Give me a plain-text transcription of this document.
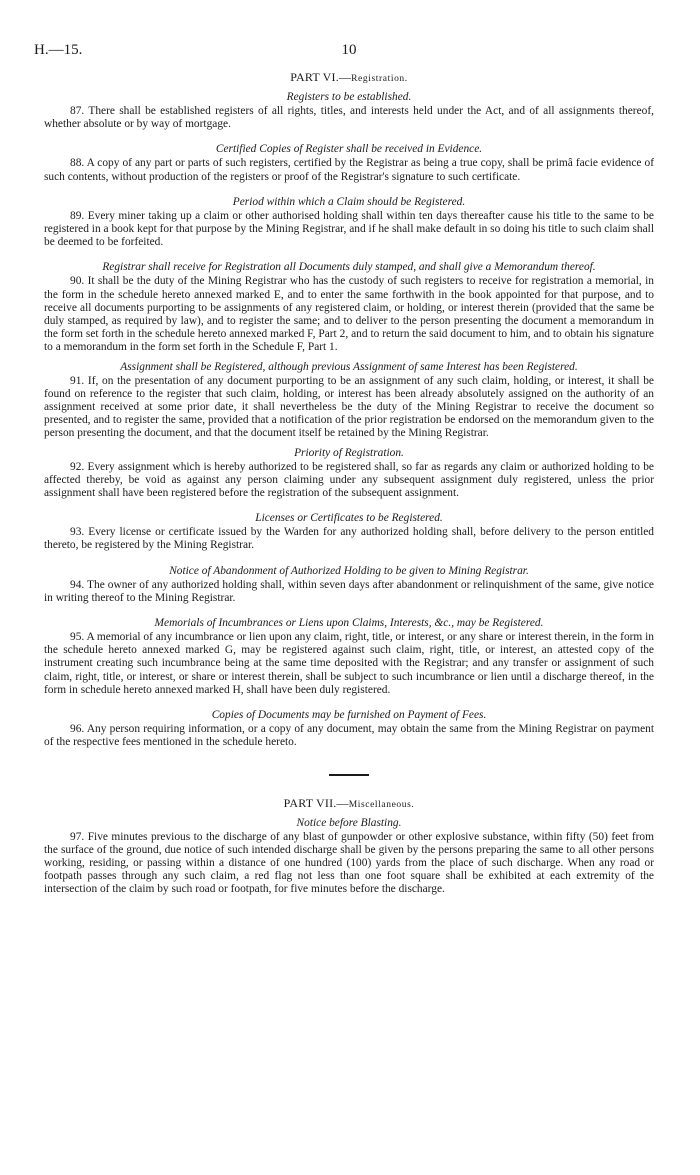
H.—15.	10
PART VI.—Registration.
Registers to be established.

87. There shall be established registers of all rights, titles, and interests held under the Act, and of all assignments thereof, whether absolute or by way of mortgage.

Certified Copies of Register shall be received in Evidence.

88. A copy of any part or parts of such registers, certified by the Registrar as being a true copy, shall be primâ facie evidence of such contents, without production of the registers or proof of the Registrar's signature to such certificate.

Period within which a Claim should be Registered.

89. Every miner taking up a claim or other authorised holding shall within ten days thereafter cause his title to the same to be registered in a book kept for that purpose by the Mining Registrar, and if he shall make default in so doing his title to such claim shall be deemed to be forfeited.

Registrar shall receive for Registration all Documents duly stamped, and shall give a Memorandum thereof.

90. It shall be the duty of the Mining Registrar who has the custody of such registers to receive for registration a memorial, in the form in the schedule hereto annexed marked E, and to enter the same forthwith in the book appointed for that purpose, and to receive all documents purporting to be assignments of any registered claim, or holding, or interest therein (provided that the same be duly stamped, as required by law), and to register the same; and to deliver to the person presenting the document a memorandum in the form set forth in the schedule hereto annexed marked F, Part 2, and to return the said document to him, and to obtain his signature to a memorandum in the form set forth in the Schedule F, Part 1.

Assignment shall be Registered, although previous Assignment of same Interest has been Registered.

91. If, on the presentation of any document purporting to be an assignment of any such claim, holding, or interest, it shall be found on reference to the register that such claim, holding, or interest has been already absolutely assigned on the authority of an assignment received at some prior date, it shall nevertheless be the duty of the Mining Registrar to receive the document so presented, and to register the same, provided that a notification of the prior registration be endorsed on the memorandum given to the person presenting the document, and that the document itself be retained by the Mining Registrar.

Priority of Registration.

92. Every assignment which is hereby authorized to be registered shall, so far as regards any claim or authorized holding to be affected thereby, be void as against any person claiming under any subsequent assignment duly registered, unless the prior assignment shall have been registered before the registration of the subsequent assignment.

Licenses or Certificates to be Registered.

93. Every license or certificate issued by the Warden for any authorized holding shall, before delivery to the person entitled thereto, be registered by the Mining Registrar.

Notice of Abandonment of Authorized Holding to be given to Mining Registrar.

94. The owner of any authorized holding shall, within seven days after abandonment or relinquishment of the same, give notice in writing thereof to the Mining Registrar.

Memorials of Incumbrances or Liens upon Claims, Interests, &c., may be Registered.

95. A memorial of any incumbrance or lien upon any claim, right, title, or interest, or any share or interest therein, in the form in the schedule hereto annexed marked G, may be registered against such claim, right, title, or interest, an attested copy of the instrument creating such incumbrance being at the same time deposited with the Registrar; and any transfer or assignment of such claim, right, title, or interest, or share or interest therein, shall be subject to such incumbrance or lien until a discharge thereof, in the form in schedule hereto annexed marked H, shall have been duly registered.

Copies of Documents may be furnished on Payment of Fees.

96. Any person requiring information, or a copy of any document, may obtain the same from the Mining Registrar on payment of the respective fees mentioned in the schedule hereto.

PART VII.—Miscellaneous.
Notice before Blasting.

97. Five minutes previous to the discharge of any blast of gunpowder or other explosive substance, within fifty (50) feet from the surface of the ground, due notice of such intended discharge shall be given by the persons preparing the same to all other persons working, residing, or passing within a distance of one hundred (100) yards from the place of such discharge. When any road or footpath passes through any such claim, a red flag not less than one foot square shall be exhibited at each extremity of the intersection of the claim by such road or footpath, for five minutes before the discharge.
